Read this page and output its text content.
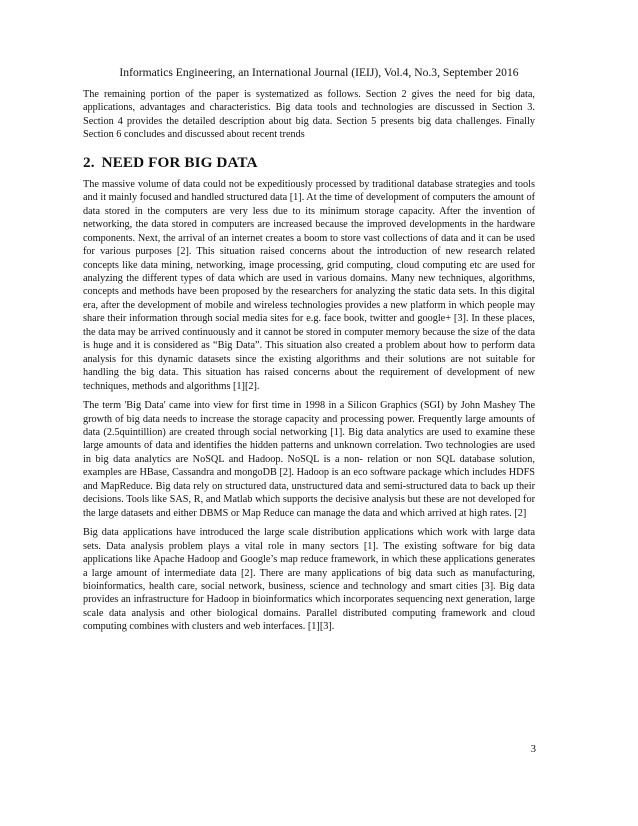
Informatics Engineering, an International Journal (IEIJ), Vol.4, No.3, September 2016

The remaining portion of the paper is systematized as follows. Section 2 gives the need for big data, applications, advantages and characteristics. Big data tools and technologies are discussed in Section 3. Section 4 provides the detailed description about big data. Section 5 presents big data challenges. Finally Section 6 concludes and discussed about recent trends

2. NEED FOR BIG DATA

The massive volume of data could not be expeditiously processed by traditional database strategies and tools and it mainly focused and handled structured data [1]. At the time of development of computers the amount of data stored in the computers are very less due to its minimum storage capacity. After the invention of networking, the data stored in computers are increased because the improved developments in the hardware components. Next, the arrival of an internet creates a boom to store vast collections of data and it can be used for various purposes [2]. This situation raised concerns about the introduction of new research related concepts like data mining, networking, image processing, grid computing, cloud computing etc are used for analyzing the different types of data which are used in various domains. Many new techniques, algorithms, concepts and methods have been proposed by the researchers for analyzing the static data sets. In this digital era, after the development of mobile and wireless technologies provides a new platform in which people may share their information through social media sites for e.g. face book, twitter and google+ [3]. In these places, the data may be arrived continuously and it cannot be stored in computer memory because the size of the data is huge and it is considered as “Big Data”. This situation also created a problem about how to perform data analysis for this dynamic datasets since the existing algorithms and their solutions are not suitable for handling the big data. This situation has raised concerns about the requirement of development of new techniques, methods and algorithms [1][2].

The term 'Big Data' came into view for first time in 1998 in a Silicon Graphics (SGI) by John Mashey The growth of big data needs to increase the storage capacity and processing power. Frequently large amounts of data (2.5quintillion) are created through social networking [1]. Big data analytics are used to examine these large amounts of data and identifies the hidden patterns and unknown correlation. Two technologies are used in big data analytics are NoSQL and Hadoop. NoSQL is a non- relation or non SQL database solution, examples are HBase, Cassandra and mongoDB [2]. Hadoop is an eco software package which includes HDFS and MapReduce. Big data rely on structured data, unstructured data and semi-structured data to back up their decisions. Tools like SAS, R, and Matlab which supports the decisive analysis but these are not developed for the large datasets and either DBMS or Map Reduce can manage the data and which arrived at high rates. [2]

Big data applications have introduced the large scale distribution applications which work with large data sets. Data analysis problem plays a vital role in many sectors [1]. The existing software for big data applications like Apache Hadoop and Google’s map reduce framework, in which these applications generates a large amount of intermediate data [2]. There are many applications of big data such as manufacturing, bioinformatics, health care, social network, business, science and technology and smart cities [3]. Big data provides an infrastructure for Hadoop in bioinformatics which incorporates sequencing next generation, large scale data analysis and other biological domains. Parallel distributed computing framework and cloud computing combines with clusters and web interfaces. [1][3].

3
